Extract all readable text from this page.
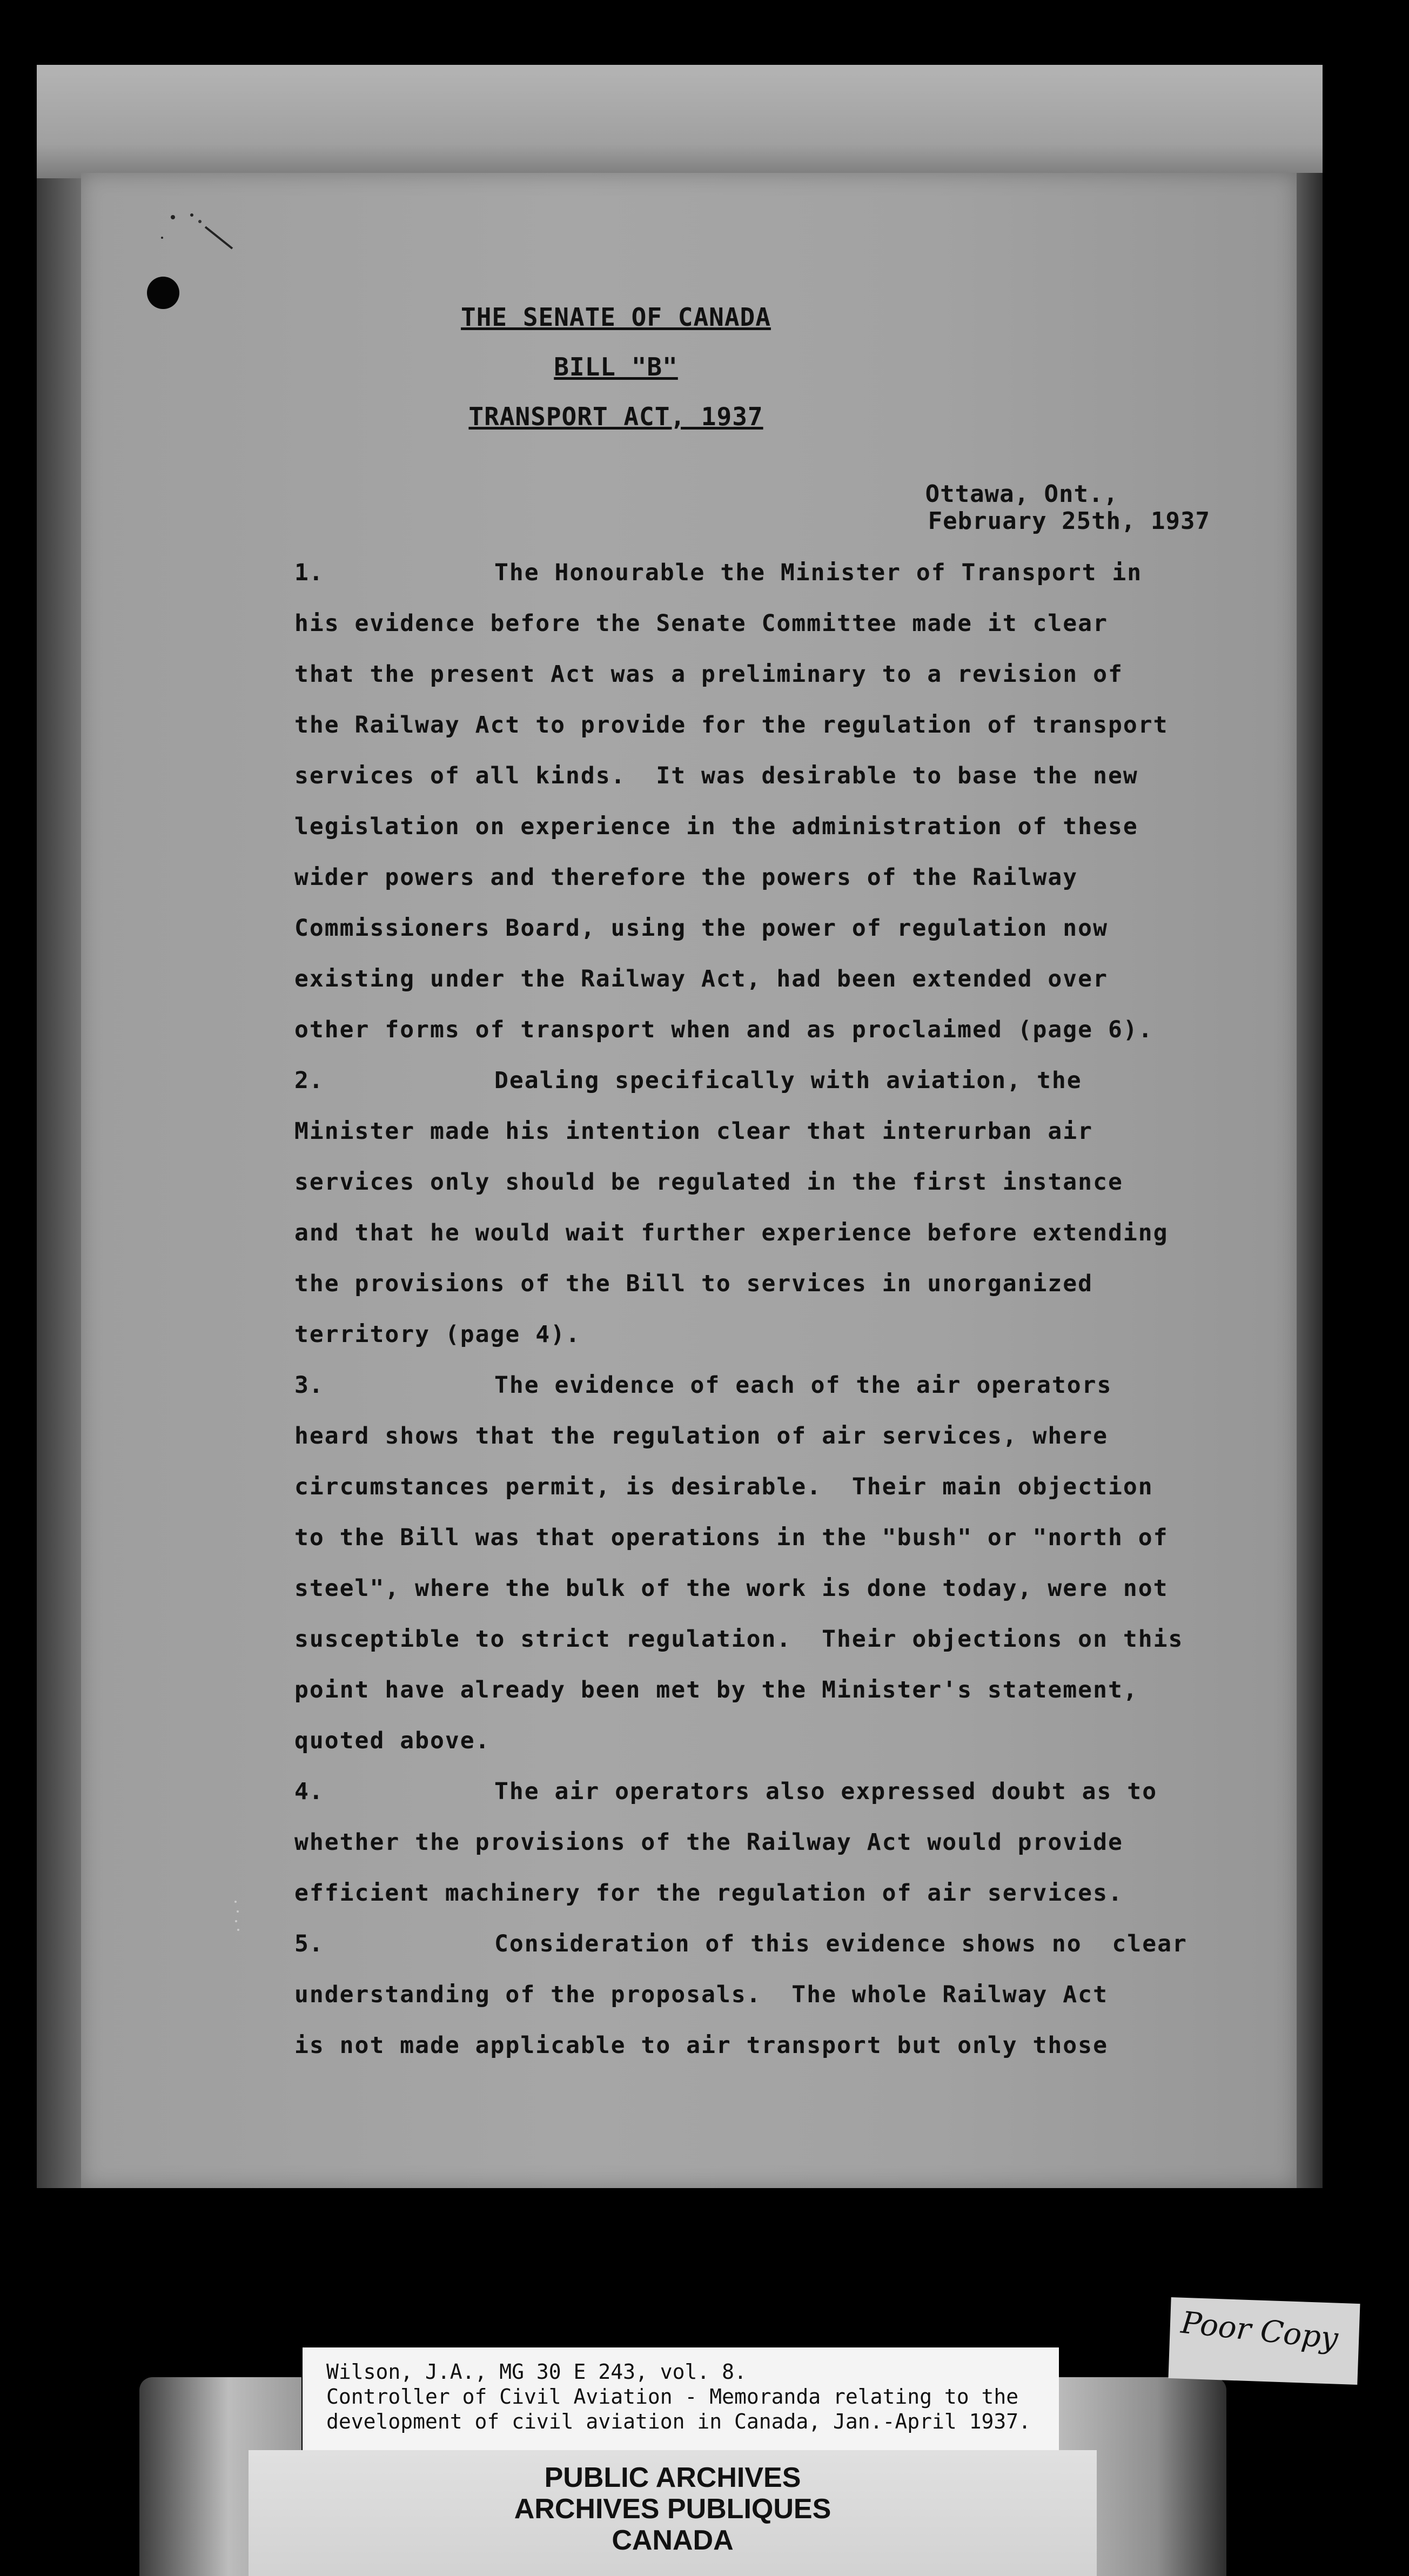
THE SENATE OF CANADA
BILL "B"
TRANSPORT ACT, 1937
Ottawa, Ont.,
February 25th, 1937
1.	The Honourable the Minister of Transport in
his evidence before the Senate Committee made it clear
that the present Act was a preliminary to a revision of
the Railway Act to provide for the regulation of transport
services of all kinds.  It was desirable to base the new
legislation on experience in the administration of these
wider powers and therefore the powers of the Railway
Commissioners Board, using the power of regulation now
existing under the Railway Act, had been extended over
other forms of transport when and as proclaimed (page 6).
2.	Dealing specifically with aviation, the
Minister made his intention clear that interurban air
services only should be regulated in the first instance
and that he would wait further experience before extending
the provisions of the Bill to services in unorganized
territory (page 4).
3.	The evidence of each of the air operators
heard shows that the regulation of air services, where
circumstances permit, is desirable.  Their main objection
to the Bill was that operations in the "bush" or "north of
steel", where the bulk of the work is done today, were not
susceptible to strict regulation.  Their objections on this
point have already been met by the Minister's statement,
quoted above.
4.	The air operators also expressed doubt as to
whether the provisions of the Railway Act would provide
efficient machinery for the regulation of air services.
5.	Consideration of this evidence shows no  clear
understanding of the proposals.  The whole Railway Act
is not made applicable to air transport but only those
Wilson, J.A., MG 30 E 243, vol. 8.
Controller of Civil Aviation - Memoranda relating to the
development of civil aviation in Canada, Jan.-April 1937.
PUBLIC ARCHIVES
ARCHIVES PUBLIQUES
CANADA
Poor Copy
